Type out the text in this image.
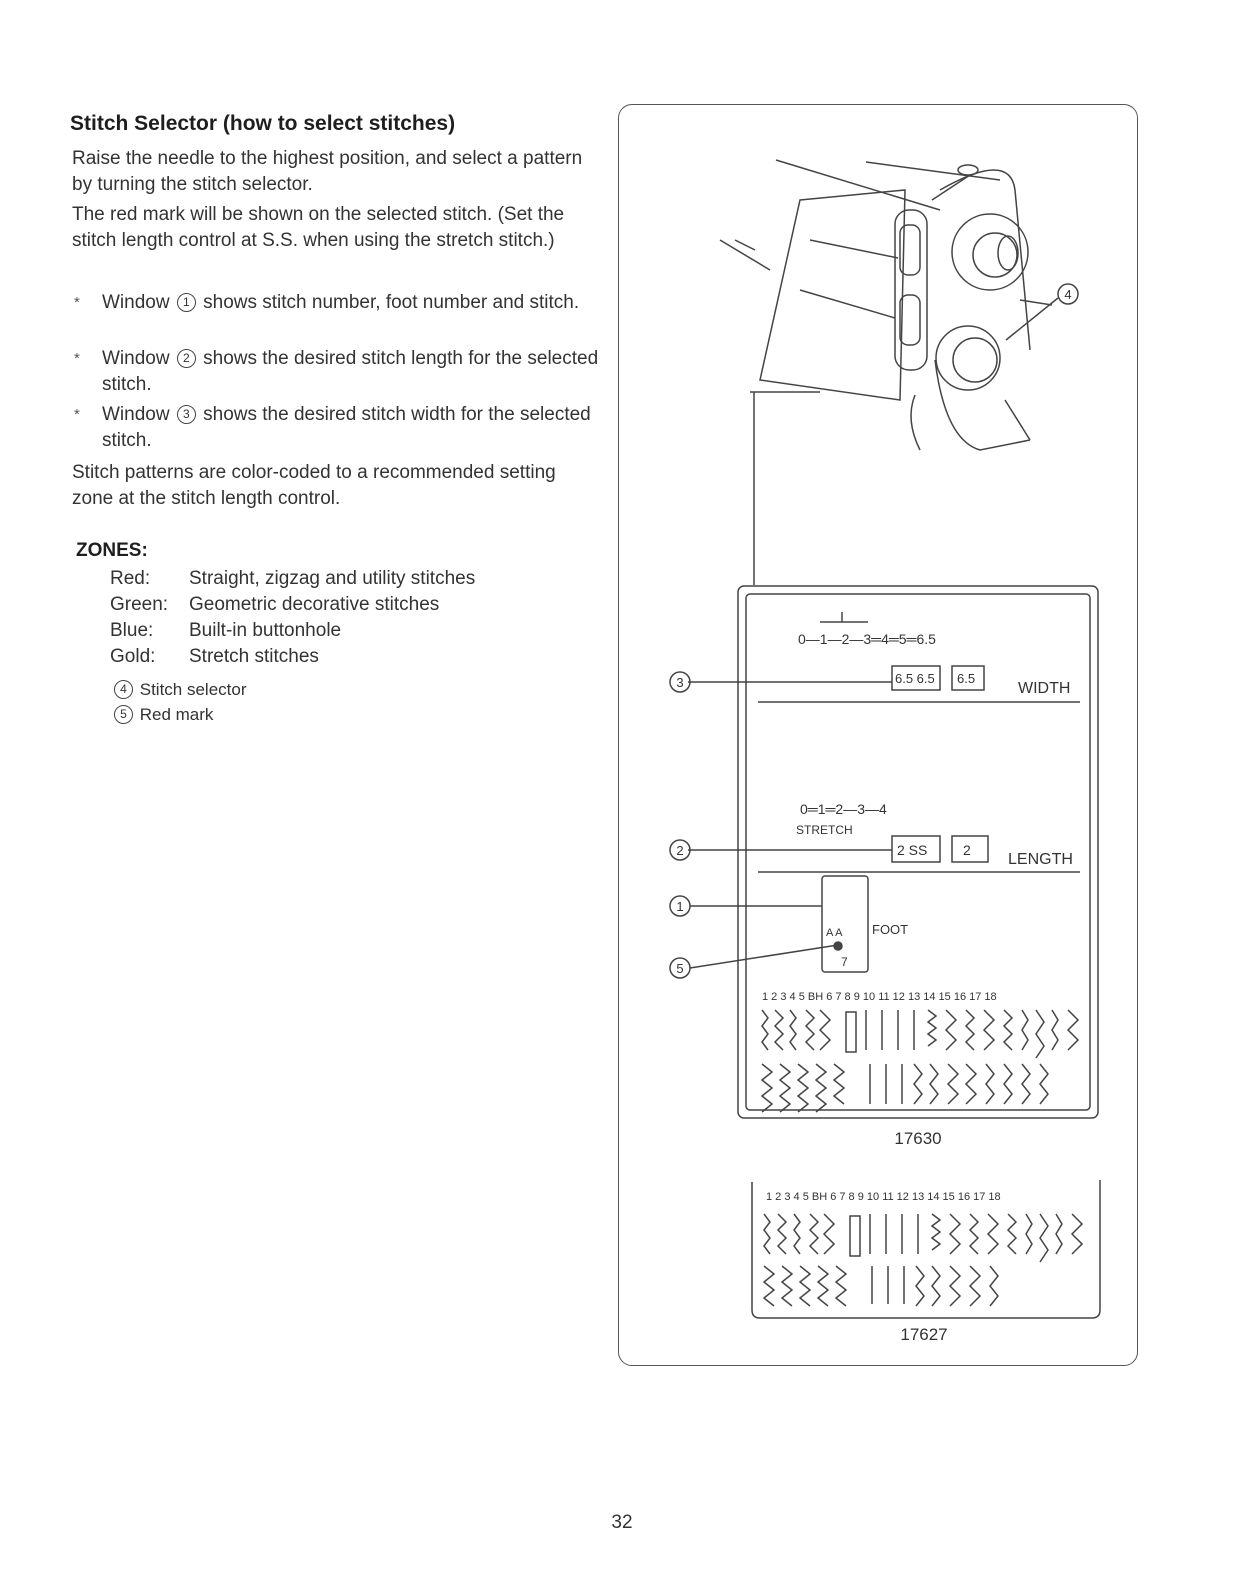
Stitch Selector (how to select stitches)
Raise the needle to the highest position, and select a pattern by turning the stitch selector.
The red mark will be shown on the selected stitch. (Set the stitch length control at S.S. when using the stretch stitch.)
* Window 1 shows stitch number, foot number and stitch.
* Window 2 shows the desired stitch length for the selected stitch.
* Window 3 shows the desired stitch width for the selected stitch.
Stitch patterns are color-coded to a recommended setting zone at the stitch length control.
ZONES:
Red:	Straight, zigzag and utility stitches
Green:	Geometric decorative stitches
Blue:	Built-in buttonhole
Gold:	Stretch stitches
4 Stitch selector
5 Red mark
4
3
2
1
5
0—1—2—3═4═5═6.5
6.5 6.5 6.5
WIDTH
0═1═2—3—4
STRETCH
2 SS	2
LENGTH
FOOT
A A
7
1 2 3 4 5 BH 6 7 8 9 10 11 12 13 14 15 16 17 18
1 2 3 4 5 BH 6 7 8 9 10 11 12 13 14 15 16 17 18
17630
17627
32
